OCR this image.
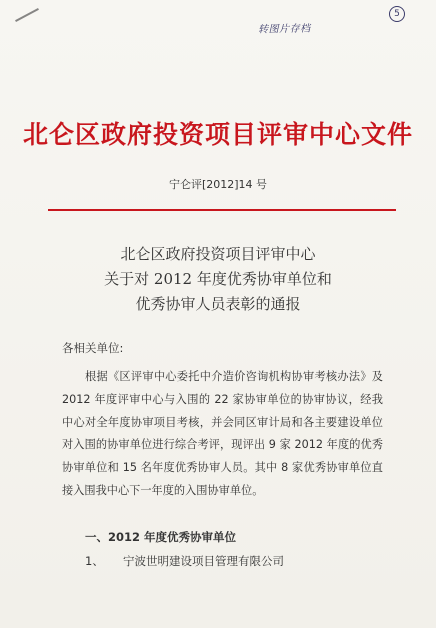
转图片存档
5
北仑区政府投资项目评审中心文件
宁仑评[2012]14 号
北仑区政府投资项目评审中心
关于对 2012 年度优秀协审单位和
优秀协审人员表彰的通报
各相关单位:
根据《区评审中心委托中介造价咨询机构协审考核办法》及 2012 年度评审中心与入围的 22 家协审单位的协审协议，经我中心对全年度协审项目考核，并会同区审计局和各主要建设单位对入围的协审单位进行综合考评，现评出 9 家 2012 年度的优秀协审单位和 15 名年度优秀协审人员。其中 8 家优秀协审单位直接入围我中心下一年度的入围协审单位。
一、2012 年度优秀协审单位
1、 宁波世明建设项目管理有限公司
